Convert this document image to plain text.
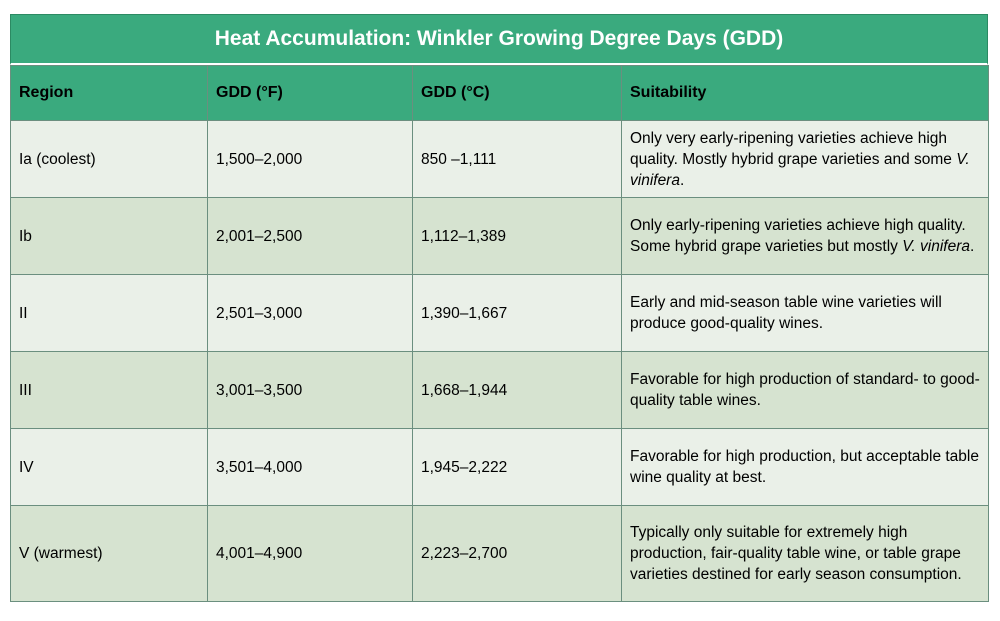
Heat Accumulation: Winkler Growing Degree Days (GDD)
Region	GDD (°F)	GDD (°C)	Suitability
Ia (coolest)	1,500–2,000	850 –1,111	Only very early-ripening varieties achieve high quality. Mostly hybrid grape varieties and some V. vinifera.
Ib	2,001–2,500	1,112–1,389	Only early-ripening varieties achieve high quality. Some hybrid grape varieties but mostly V. vinifera.
II	2,501–3,000	1,390–1,667	Early and mid-season table wine varieties will produce good-quality wines.
III	3,001–3,500	1,668–1,944	Favorable for high production of standard- to good-quality table wines.
IV	3,501–4,000	1,945–2,222	Favorable for high production, but acceptable table wine quality at best.
V (warmest)	4,001–4,900	2,223–2,700	Typically only suitable for extremely high production, fair-quality table wine, or table grape varieties destined for early season consumption.
